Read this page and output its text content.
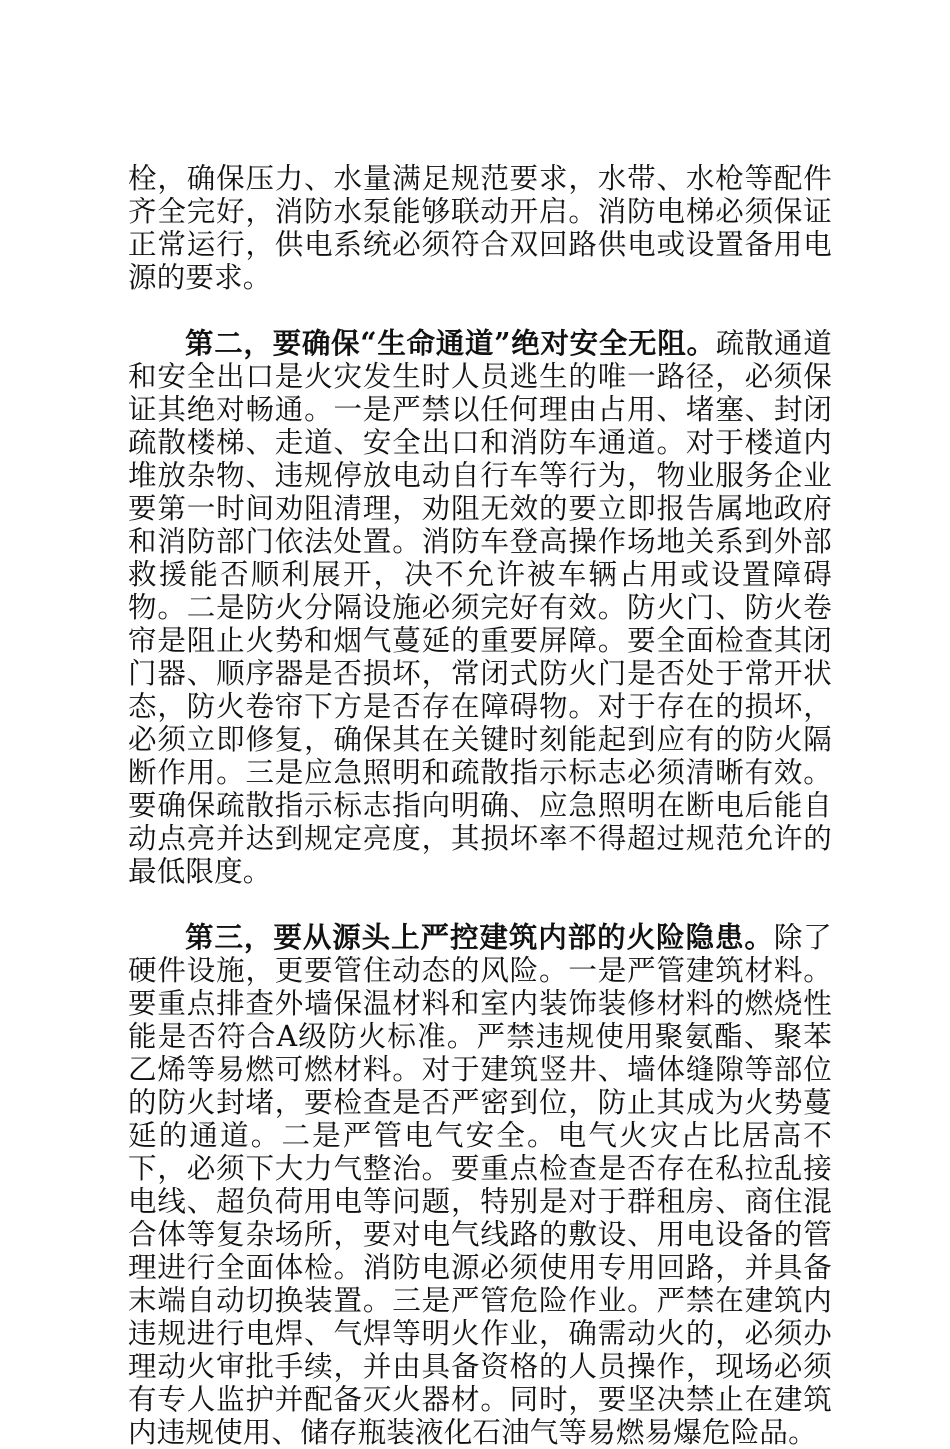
栓，确保压力、水量满足规范要求，水带、水枪等配件齐全完好，消防水泵能够联动开启。消防电梯必须保证正常运行，供电系统必须符合双回路供电或设置备用电源的要求。

第二，要确保“生命通道”绝对安全无阻。疏散通道和安全出口是火灾发生时人员逃生的唯一路径，必须保证其绝对畅通。一是严禁以任何理由占用、堵塞、封闭疏散楼梯、走道、安全出口和消防车通道。对于楼道内堆放杂物、违规停放电动自行车等行为，物业服务企业要第一时间劝阻清理，劝阻无效的要立即报告属地政府和消防部门依法处置。消防车登高操作场地关系到外部救援能否顺利展开，决不允许被车辆占用或设置障碍物。二是防火分隔设施必须完好有效。防火门、防火卷帘是阻止火势和烟气蔓延的重要屏障。要全面检查其闭门器、顺序器是否损坏，常闭式防火门是否处于常开状态，防火卷帘下方是否存在障碍物。对于存在的损坏，必须立即修复，确保其在关键时刻能起到应有的防火隔断作用。三是应急照明和疏散指示标志必须清晰有效。要确保疏散指示标志指向明确、应急照明在断电后能自动点亮并达到规定亮度，其损坏率不得超过规范允许的最低限度。

第三，要从源头上严控建筑内部的火险隐患。除了硬件设施，更要管住动态的风险。一是严管建筑材料。要重点排查外墙保温材料和室内装饰装修材料的燃烧性能是否符合A级防火标准。严禁违规使用聚氨酯、聚苯乙烯等易燃可燃材料。对于建筑竖井、墙体缝隙等部位的防火封堵，要检查是否严密到位，防止其成为火势蔓延的通道。二是严管电气安全。电气火灾占比居高不下，必须下大力气整治。要重点检查是否存在私拉乱接电线、超负荷用电等问题，特别是对于群租房、商住混合体等复杂场所，要对电气线路的敷设、用电设备的管理进行全面体检。消防电源必须使用专用回路，并具备末端自动切换装置。三是严管危险作业。严禁在建筑内违规进行电焊、气焊等明火作业，确需动火的，必须办理动火审批手续，并由具备资格的人员操作，现场必须有专人监护并配备灭火器材。同时，要坚决禁止在建筑内违规使用、储存瓶装液化石油气等易燃易爆危险品。
